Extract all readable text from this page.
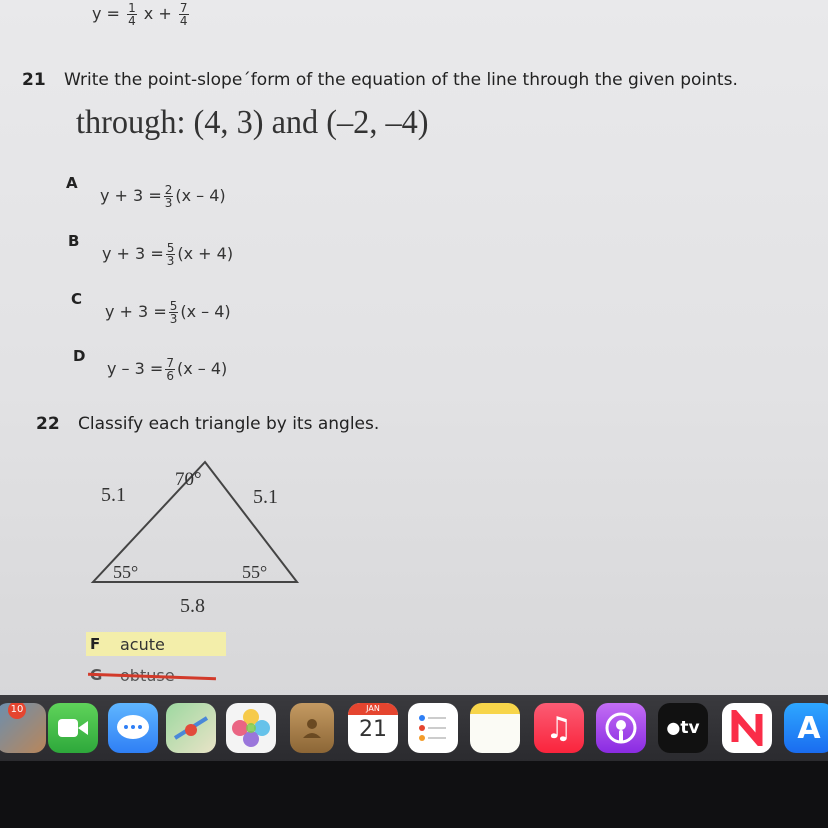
$y = \frac{1}{4}$ $x + \frac{7}{4}$
21 Write the point-slope´form of the equation of the line through the given points.
through: (4, 3) and (–2, –4)
A
$y + 3 = \frac{2}{3} (x - 4)$
B
$y + 3 = \frac{5}{3} (x + 4)$
C
$y + 3 = \frac{5}{3} (x - 4)$
D
$y - 3 = \frac{7}{6} (x - 4)$
22 Classify each triangle by its angles.
70°
5.1	5.1
55°	55°
5.8
F acute
10	JAN
21	♫	●tv	A
